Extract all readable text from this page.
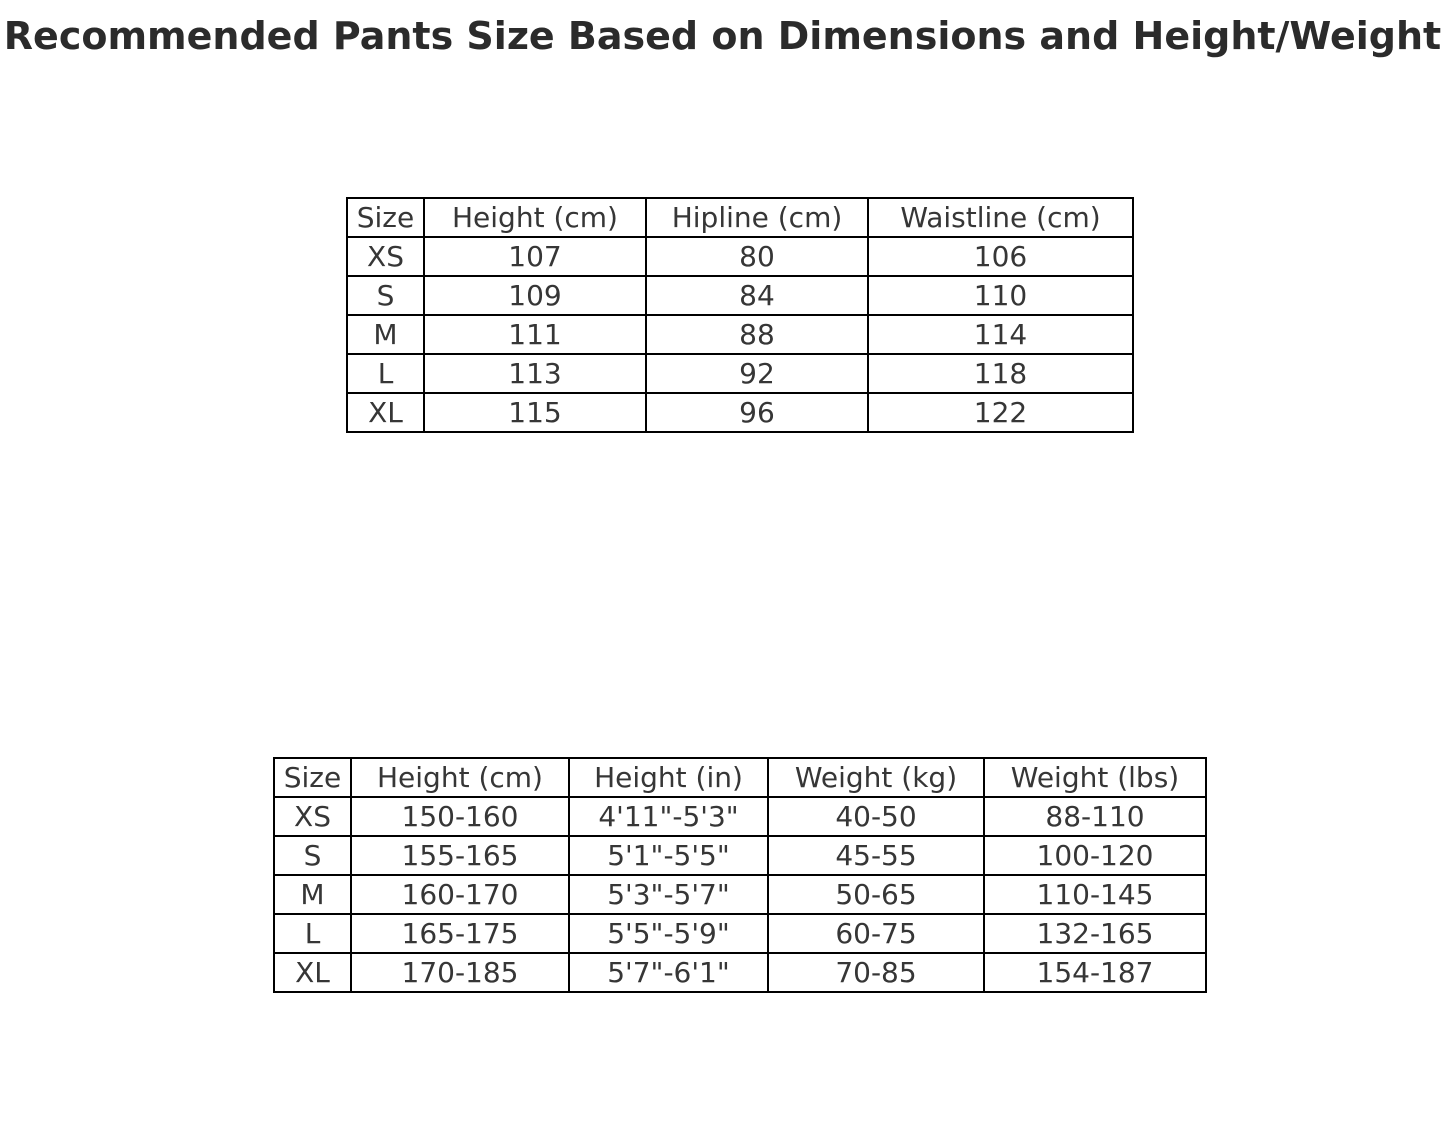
Recommended Pants Size Based on Dimensions and Height/Weight
Size	Height (cm)	Hipline (cm)	Waistline (cm)
XS	107	80	106
S	109	84	110
M	111	88	114
L	113	92	118
XL	115	96	122
Size	Height (cm)	Height (in)	Weight (kg)	Weight (lbs)
XS	150-160	4'11"-5'3"	40-50	88-110
S	155-165	5'1"-5'5"	45-55	100-120
M	160-170	5'3"-5'7"	50-65	110-145
L	165-175	5'5"-5'9"	60-75	132-165
XL	170-185	5'7"-6'1"	70-85	154-187
